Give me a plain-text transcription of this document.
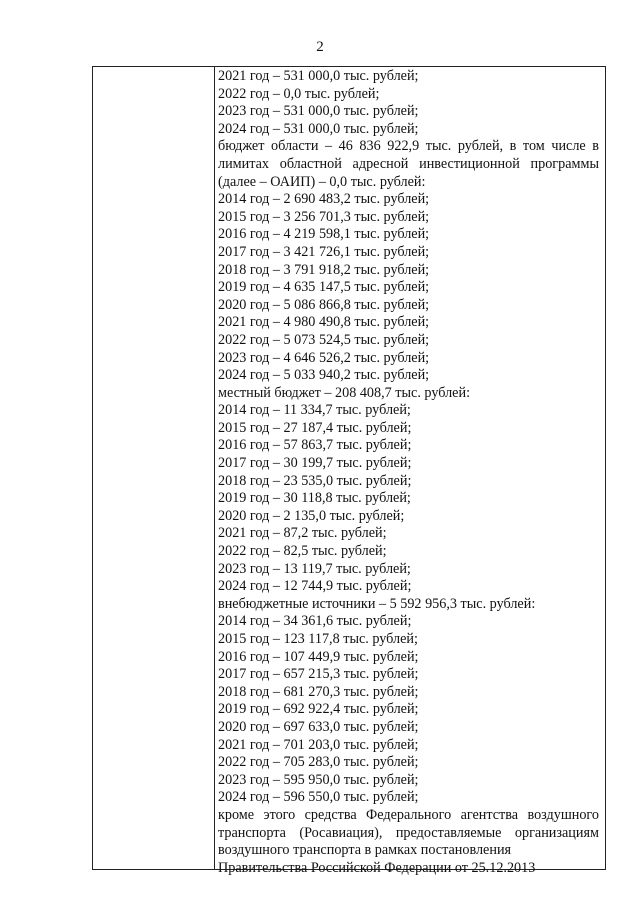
2
2021 год – 531 000,0 тыс. рублей;
2022 год – 0,0 тыс. рублей;
2023 год – 531 000,0 тыс. рублей;
2024 год – 531 000,0 тыс. рублей;
бюджет области – 46 836 922,9 тыс. рублей, в том числе в
лимитах областной адресной инвестиционной программы
(далее – ОАИП) – 0,0 тыс. рублей:
2014 год – 2 690 483,2 тыс. рублей;
2015 год – 3 256 701,3 тыс. рублей;
2016 год – 4 219 598,1 тыс. рублей;
2017 год – 3 421 726,1 тыс. рублей;
2018 год – 3 791 918,2 тыс. рублей;
2019 год – 4 635 147,5 тыс. рублей;
2020 год – 5 086 866,8 тыс. рублей;
2021 год – 4 980 490,8 тыс. рублей;
2022 год – 5 073 524,5 тыс. рублей;
2023 год – 4 646 526,2 тыс. рублей;
2024 год – 5 033 940,2 тыс. рублей;
местный бюджет – 208 408,7 тыс. рублей:
2014 год – 11 334,7 тыс. рублей;
2015 год – 27 187,4 тыс. рублей;
2016 год – 57 863,7 тыс. рублей;
2017 год – 30 199,7 тыс. рублей;
2018 год – 23 535,0 тыс. рублей;
2019 год – 30 118,8 тыс. рублей;
2020 год – 2 135,0 тыс. рублей;
2021 год – 87,2 тыс. рублей;
2022 год – 82,5 тыс. рублей;
2023 год – 13 119,7 тыс. рублей;
2024 год – 12 744,9 тыс. рублей;
внебюджетные источники – 5 592 956,3 тыс. рублей:
2014 год – 34 361,6 тыс. рублей;
2015 год – 123 117,8 тыс. рублей;
2016 год – 107 449,9 тыс. рублей;
2017 год – 657 215,3 тыс. рублей;
2018 год – 681 270,3 тыс. рублей;
2019 год – 692 922,4 тыс. рублей;
2020 год – 697 633,0 тыс. рублей;
2021 год – 701 203,0 тыс. рублей;
2022 год – 705 283,0 тыс. рублей;
2023 год – 595 950,0 тыс. рублей;
2024 год – 596 550,0 тыс. рублей;
кроме этого средства Федерального агентства воздушного
транспорта (Росавиация), предоставляемые организациям
воздушного транспорта в рамках постановления
Правительства Российской Федерации от 25.12.2013
